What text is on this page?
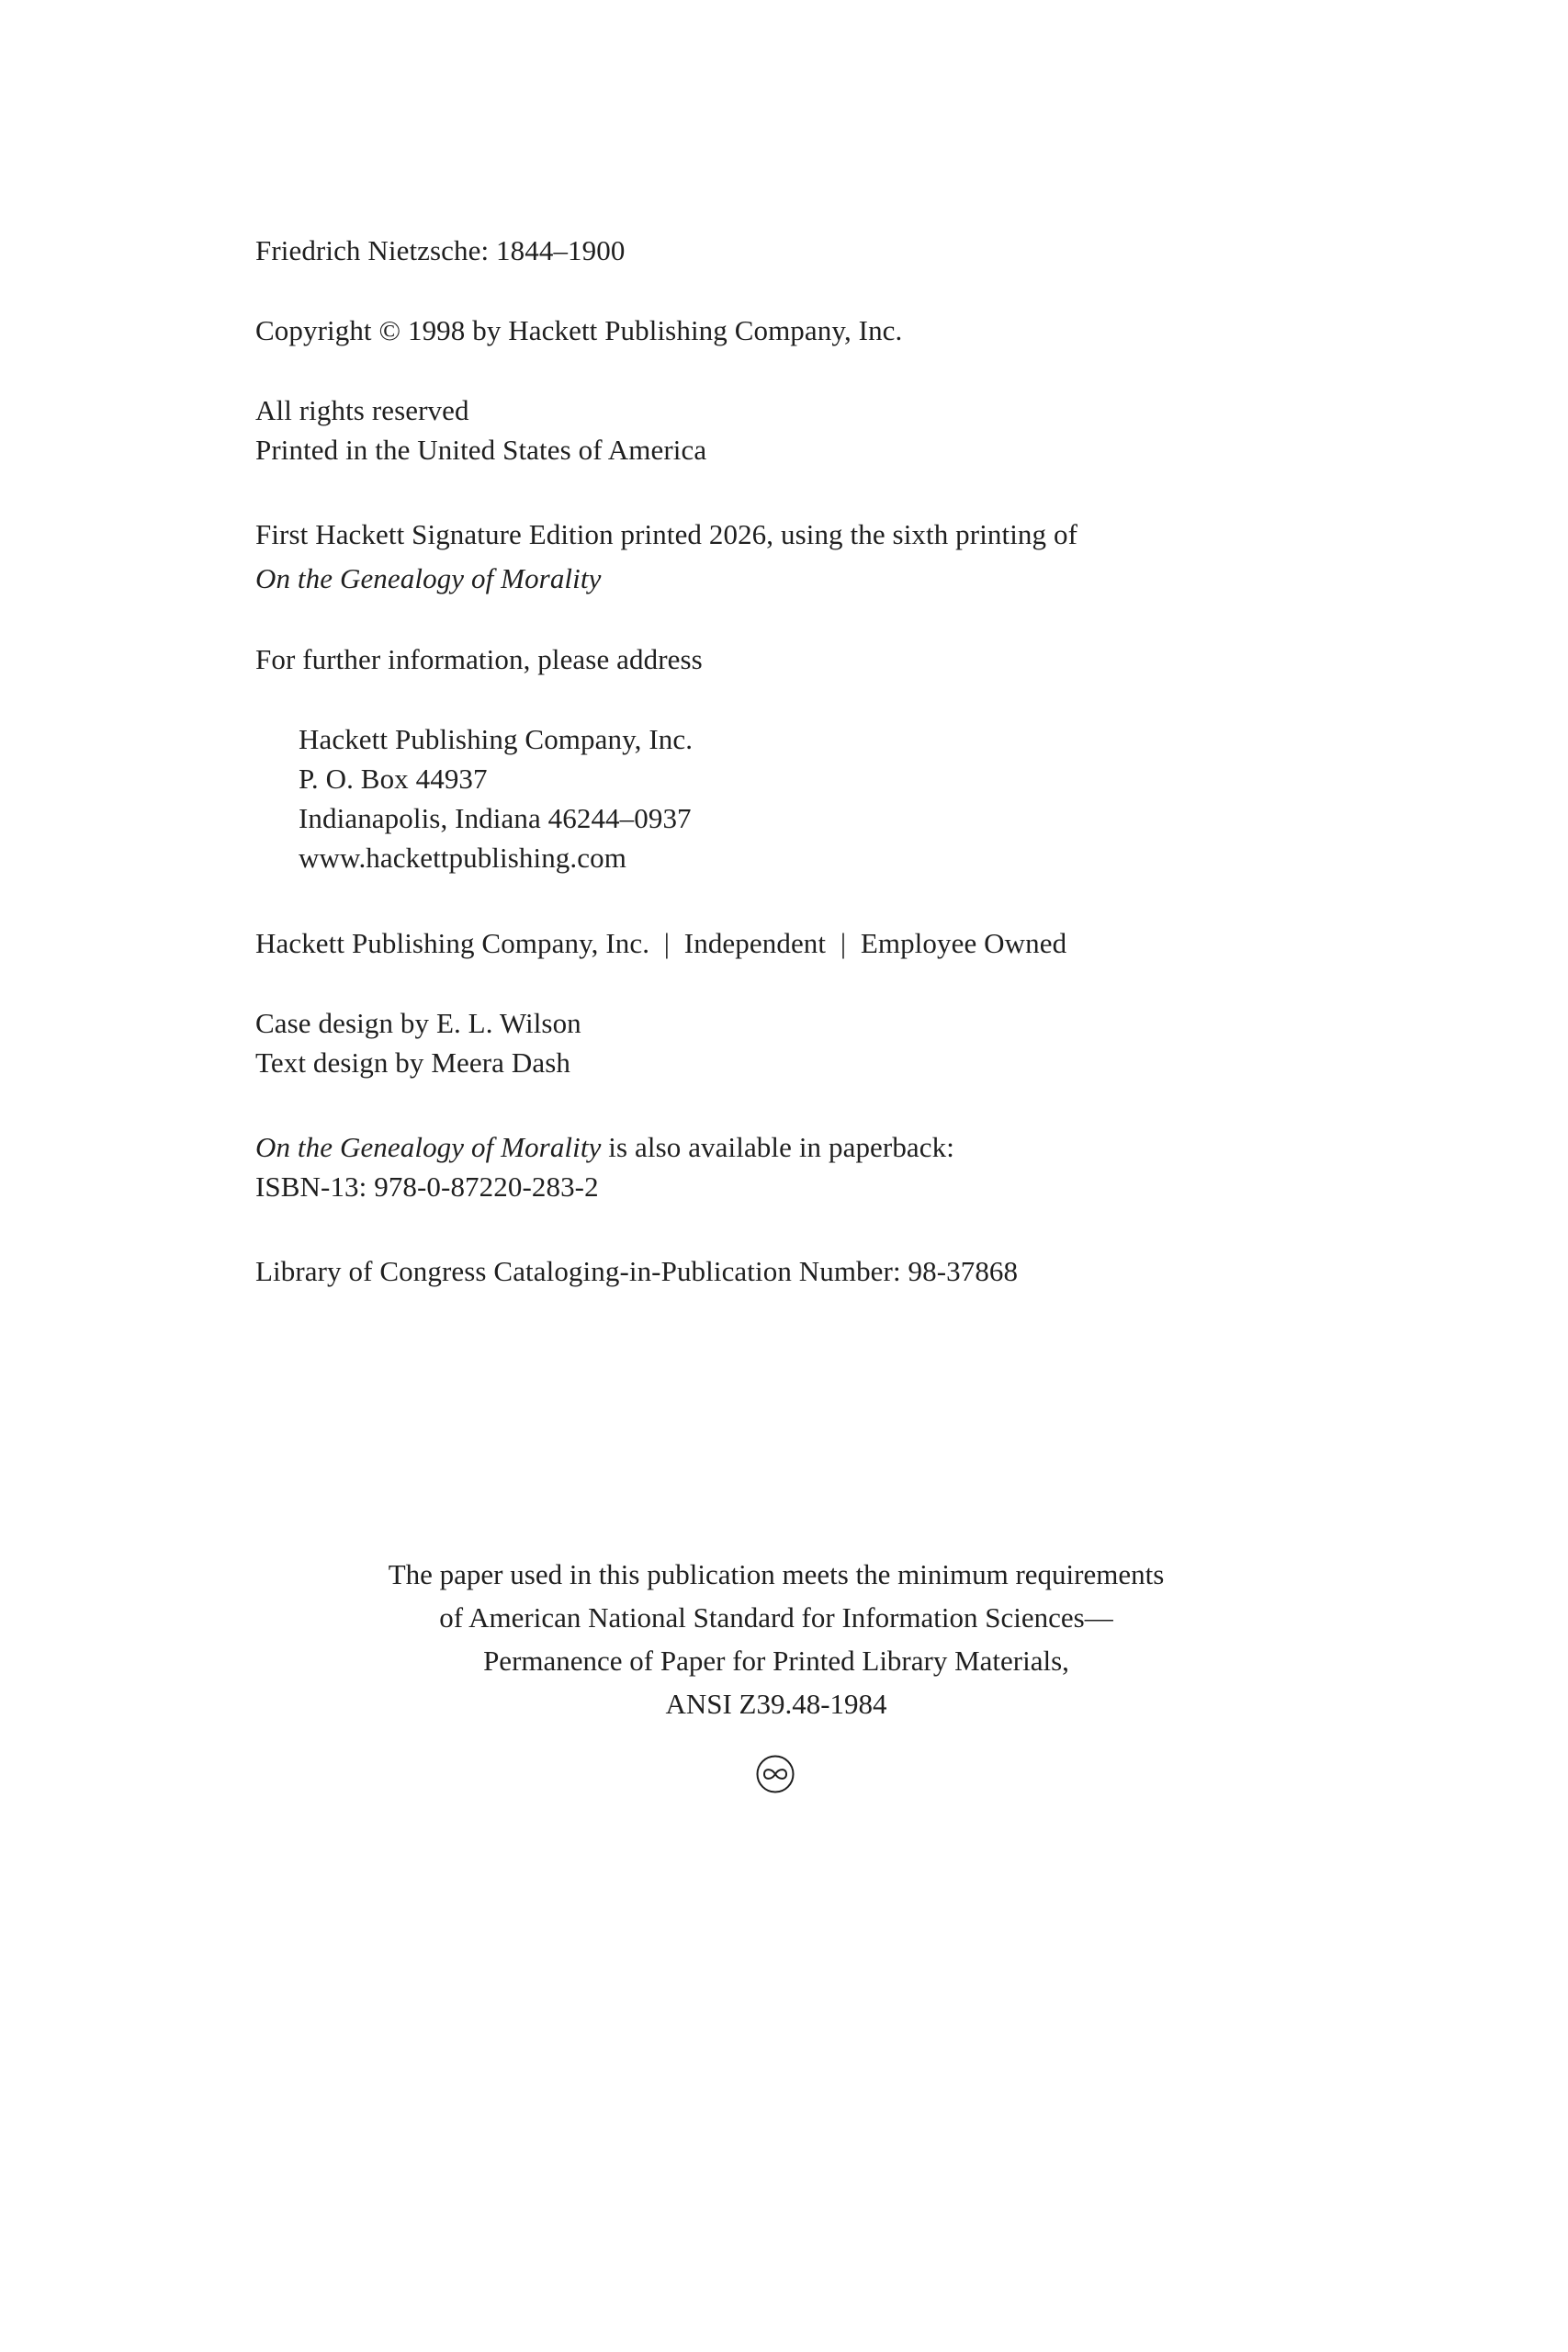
Friedrich Nietzsche: 1844–1900
Copyright © 1998 by Hackett Publishing Company, Inc.
All rights reserved
Printed in the United States of America
First Hackett Signature Edition printed 2026, using the sixth printing of
On the Genealogy of Morality
For further information, please address
Hackett Publishing Company, Inc.
P. O. Box 44937
Indianapolis, Indiana 46244–0937
www.hackettpublishing.com
Hackett Publishing Company, Inc.  |  Independent  |  Employee Owned
Case design by E. L. Wilson
Text design by Meera Dash
On the Genealogy of Morality is also available in paperback:
ISBN-13: 978-0-87220-283-2
Library of Congress Cataloging-in-Publication Number: 98-37868
The paper used in this publication meets the minimum requirements
of American National Standard for Information Sciences—
Permanence of Paper for Printed Library Materials,
ANSI Z39.48-1984
